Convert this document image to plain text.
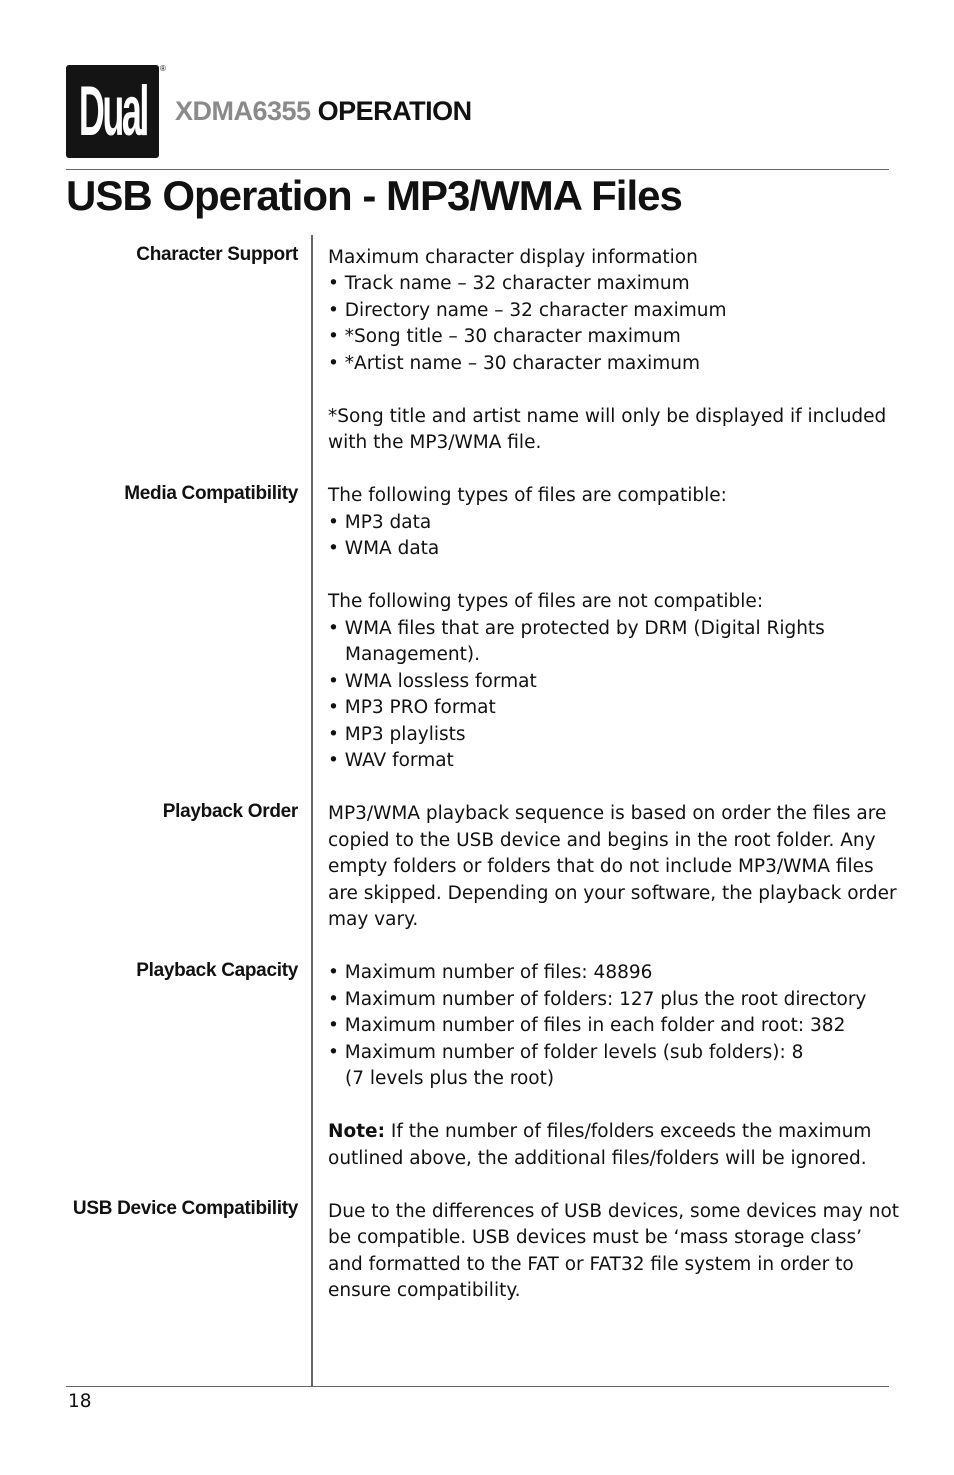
Dual
®
XDMA6355 OPERATION
USB Operation - MP3/WMA Files
Character Support Maximum character display information
• Track name – 32 character maximum
• Directory name – 32 character maximum
• *Song title – 30 character maximum
• *Artist name – 30 character maximum
*Song title and artist name will only be displayed if included
with the MP3/WMA file.
Media Compatibility The following types of files are compatible:
• MP3 data
• WMA data
The following types of files are not compatible:
• WMA files that are protected by DRM (Digital Rights
Management).
• WMA lossless format
• MP3 PRO format
• MP3 playlists
• WAV format
Playback Order MP3/WMA playback sequence is based on order the files are
copied to the USB device and begins in the root folder. Any
empty folders or folders that do not include MP3/WMA files
are skipped. Depending on your software, the playback order
may vary.
Playback Capacity • Maximum number of files: 48896
• Maximum number of folders: 127 plus the root directory
• Maximum number of files in each folder and root: 382
• Maximum number of folder levels (sub folders): 8
(7 levels plus the root)
Note: If the number of files/folders exceeds the maximum
outlined above, the additional files/folders will be ignored.
USB Device Compatibility Due to the differences of USB devices, some devices may not
be compatible. USB devices must be ‘mass storage class’
and formatted to the FAT or FAT32 file system in order to
ensure compatibility.
18
